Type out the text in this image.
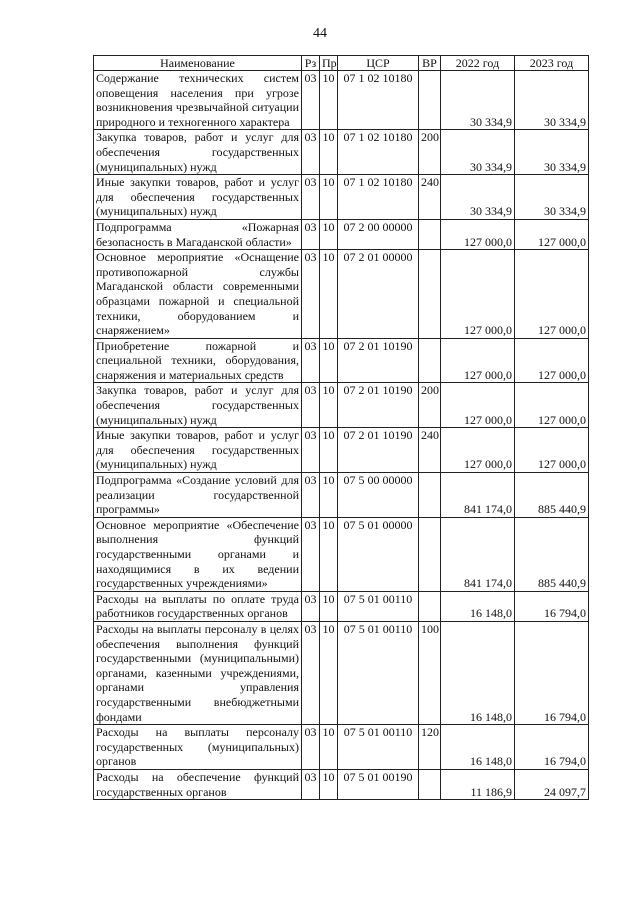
44
Наименование	Рз	Пр	ЦСР	ВР	2022 год	2023 год
Содержание технических систем оповещения населения при угрозе возникновения чрезвычайной ситуации природного и техногенного характера	03	10	07 1 02 10180		30 334,9	30 334,9
Закупка товаров, работ и услуг для обеспечения государственных (муниципальных) нужд	03	10	07 1 02 10180	200	30 334,9	30 334,9
Иные закупки товаров, работ и услуг для обеспечения государственных (муниципальных) нужд	03	10	07 1 02 10180	240	30 334,9	30 334,9
Подпрограмма «Пожарная безопасность в Магаданской области»	03	10	07 2 00 00000		127 000,0	127 000,0
Основное мероприятие «Оснащение противопожарной службы Магаданской области современными образцами пожарной и специальной техники, оборудованием и снаряжением»	03	10	07 2 01 00000		127 000,0	127 000,0
Приобретение пожарной и специальной техники, оборудования, снаряжения и материальных средств	03	10	07 2 01 10190		127 000,0	127 000,0
Закупка товаров, работ и услуг для обеспечения государственных (муниципальных) нужд	03	10	07 2 01 10190	200	127 000,0	127 000,0
Иные закупки товаров, работ и услуг для обеспечения государственных (муниципальных) нужд	03	10	07 2 01 10190	240	127 000,0	127 000,0
Подпрограмма «Создание условий для реализации государственной программы»	03	10	07 5 00 00000		841 174,0	885 440,9
Основное мероприятие «Обеспечение выполнения функций государственными органами и находящимися в их ведении государственных учреждениями»	03	10	07 5 01 00000		841 174,0	885 440,9
Расходы на выплаты по оплате труда работников государственных органов	03	10	07 5 01 00110		16 148,0	16 794,0
Расходы на выплаты персоналу в целях обеспечения выполнения функций государственными (муниципальными) органами, казенными учреждениями, органами управления государственными внебюджетными фондами	03	10	07 5 01 00110	100	16 148,0	16 794,0
Расходы на выплаты персоналу государственных (муниципальных) органов	03	10	07 5 01 00110	120	16 148,0	16 794,0
Расходы на обеспечение функций государственных органов	03	10	07 5 01 00190		11 186,9	24 097,7
